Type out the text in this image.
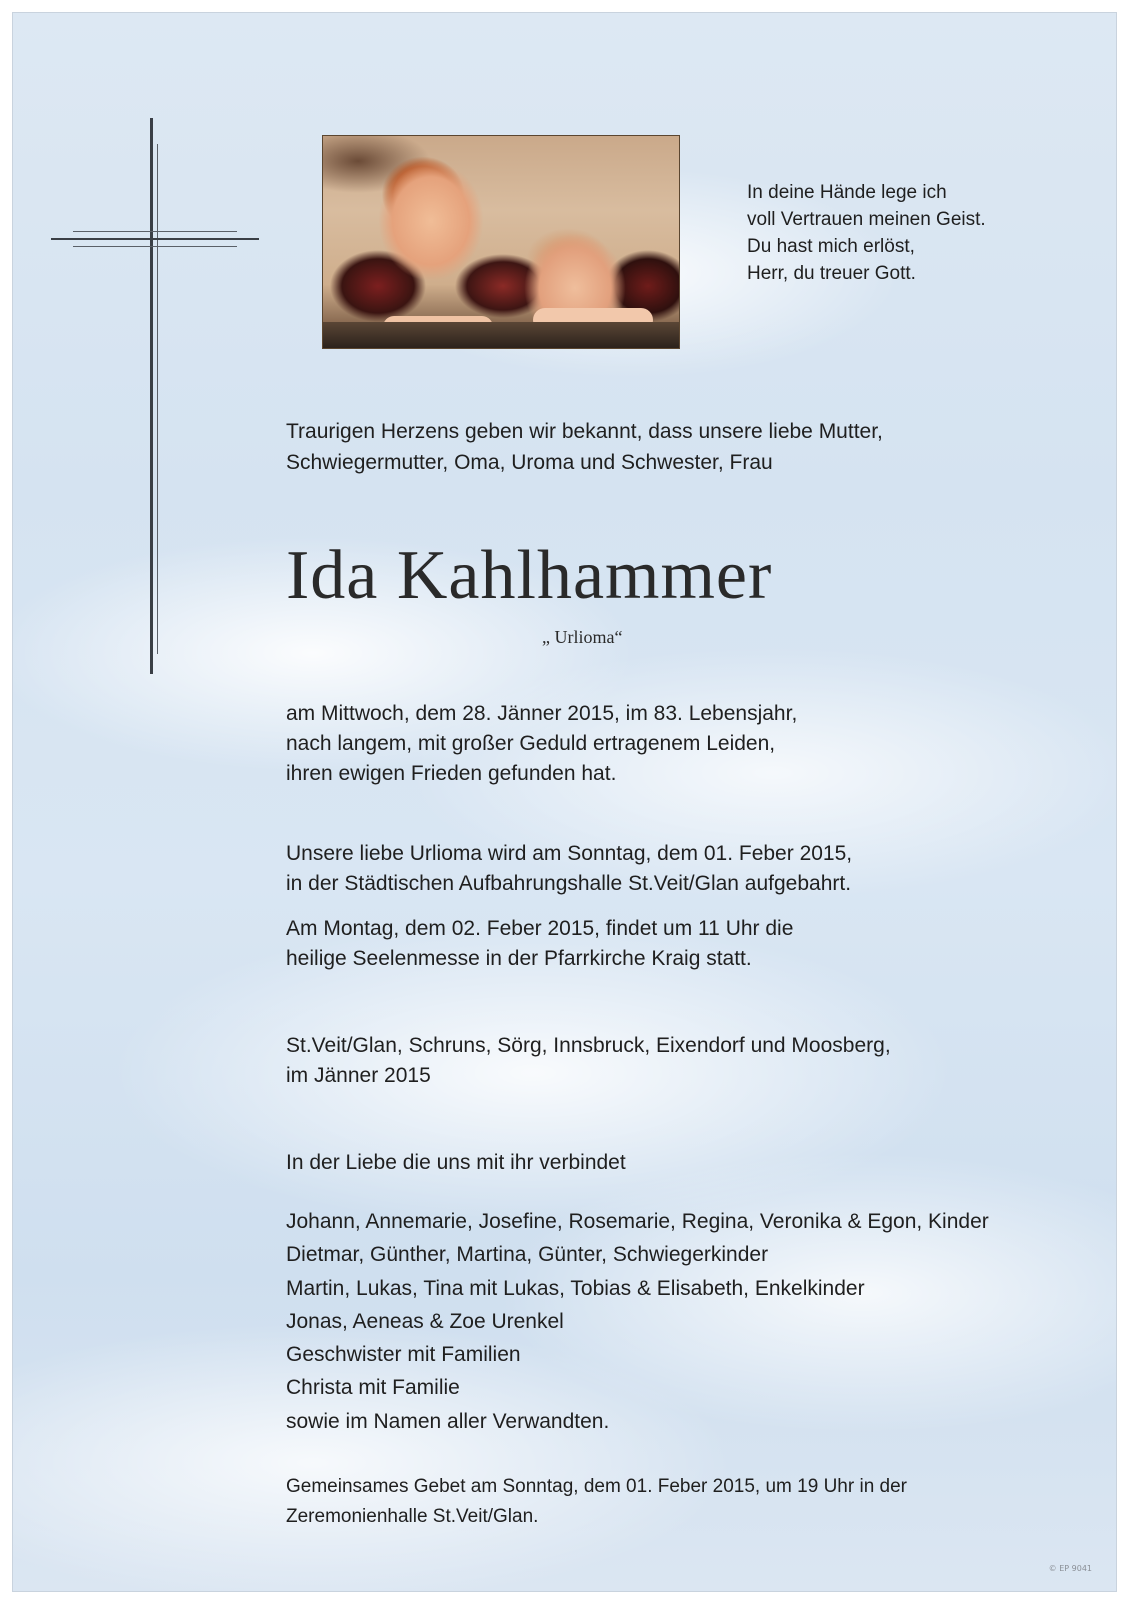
In deine Hände lege ich
voll Vertrauen meinen Geist.
Du hast mich erlöst,
Herr, du treuer Gott.
Traurigen Herzens geben wir bekannt, dass unsere liebe Mutter,
Schwiegermutter, Oma, Uroma und Schwester, Frau
Ida Kahlhammer
„ Urlioma“
am Mittwoch, dem 28. Jänner 2015, im 83. Lebensjahr,
nach langem, mit großer Geduld ertragenem Leiden,
ihren ewigen Frieden gefunden hat.
Unsere liebe Urlioma wird am Sonntag, dem 01. Feber 2015,
in der Städtischen Aufbahrungshalle St.Veit/Glan aufgebahrt.
Am Montag, dem 02. Feber 2015, findet um 11 Uhr die
heilige Seelenmesse in der Pfarrkirche Kraig statt.
St.Veit/Glan, Schruns, Sörg, Innsbruck, Eixendorf und Moosberg,
im Jänner 2015
In der Liebe die uns mit ihr verbindet
Johann, Annemarie, Josefine, Rosemarie, Regina, Veronika & Egon, Kinder
Dietmar, Günther, Martina, Günter, Schwiegerkinder
Martin, Lukas, Tina mit Lukas, Tobias & Elisabeth, Enkelkinder
Jonas, Aeneas & Zoe Urenkel
Geschwister mit Familien
Christa mit Familie
sowie im Namen aller Verwandten.
Gemeinsames Gebet am Sonntag, dem 01. Feber 2015, um 19 Uhr in der
Zeremonienhalle St.Veit/Glan.
© EP 9041
